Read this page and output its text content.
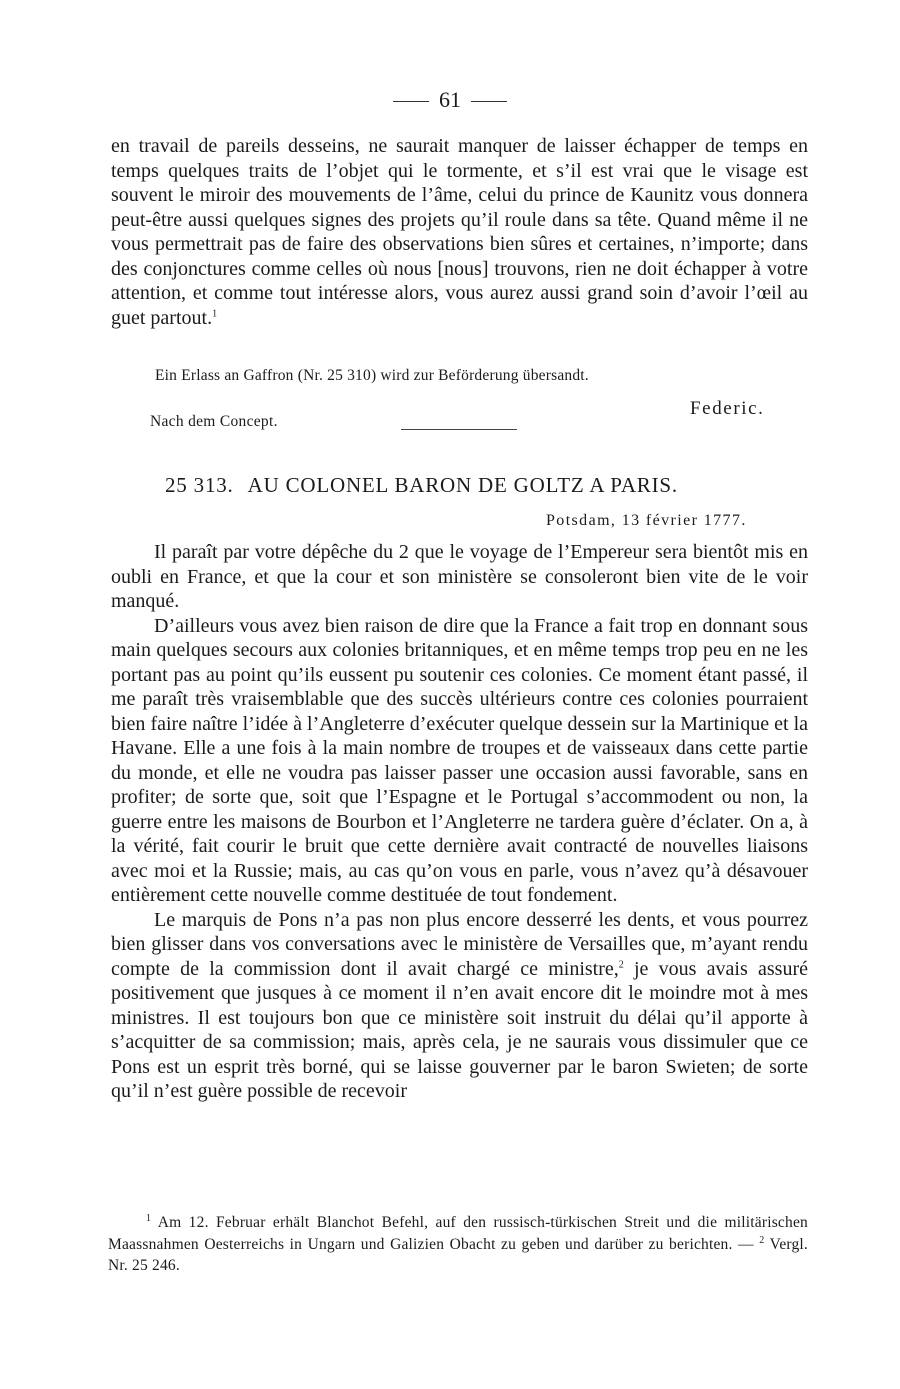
61

en travail de pareils desseins, ne saurait manquer de laisser échapper de temps en temps quelques traits de l’objet qui le tormente, et s’il est vrai que le visage est souvent le miroir des mouvements de l’âme, celui du prince de Kaunitz vous donnera peut-être aussi quelques signes des projets qu’il roule dans sa tête. Quand même il ne vous permettrait pas de faire des observations bien sûres et certaines, n’importe; dans des conjonctures comme celles où nous [nous] trouvons, rien ne doit échapper à votre attention, et comme tout intéresse alors, vous aurez aussi grand soin d’avoir l’œil au guet partout.$^1$

Ein Erlass an Gaffron (Nr. 25 310) wird zur Beförderung übersandt.
Federic.
Nach dem Concept.
25 313. AU COLONEL BARON DE GOLTZ A PARIS.
Potsdam, 13 février 1777.

Il paraît par votre dépêche du 2 que le voyage de l’Empereur sera bientôt mis en oubli en France, et que la cour et son ministère se consoleront bien vite de le voir manqué.

D’ailleurs vous avez bien raison de dire que la France a fait trop en donnant sous main quelques secours aux colonies britanniques, et en même temps trop peu en ne les portant pas au point qu’ils eussent pu soutenir ces colonies. Ce moment étant passé, il me paraît très vraisemblable que des succès ultérieurs contre ces colonies pourraient bien faire naître l’idée à l’Angleterre d’exécuter quelque dessein sur la Martinique et la Havane. Elle a une fois à la main nombre de troupes et de vaisseaux dans cette partie du monde, et elle ne voudra pas laisser passer une occasion aussi favorable, sans en profiter; de sorte que, soit que l’Espagne et le Portugal s’accommodent ou non, la guerre entre les maisons de Bourbon et l’Angleterre ne tardera guère d’éclater. On a, à la vérité, fait courir le bruit que cette dernière avait contracté de nouvelles liaisons avec moi et la Russie; mais, au cas qu’on vous en parle, vous n’avez qu’à désavouer entièrement cette nouvelle comme destituée de tout fondement.

Le marquis de Pons n’a pas non plus encore desserré les dents, et vous pourrez bien glisser dans vos conversations avec le ministère de Versailles que, m’ayant rendu compte de la commission dont il avait chargé ce ministre,$^2$ je vous avais assuré positivement que jusques à ce moment il n’en avait encore dit le moindre mot à mes ministres. Il est toujours bon que ce ministère soit instruit du délai qu’il apporte à s’acquitter de sa commission; mais, après cela, je ne saurais vous dissimuler que ce Pons est un esprit très borné, qui se laisse gouverner par le baron Swieten; de sorte qu’il n’est guère possible de recevoir

$^1$ Am 12. Februar erhält Blanchot Befehl, auf den russisch-türkischen Streit und die militärischen Maassnahmen Oesterreichs in Ungarn und Galizien Obacht zu geben und darüber zu berichten. — $^2$ Vergl. Nr. 25 246.
